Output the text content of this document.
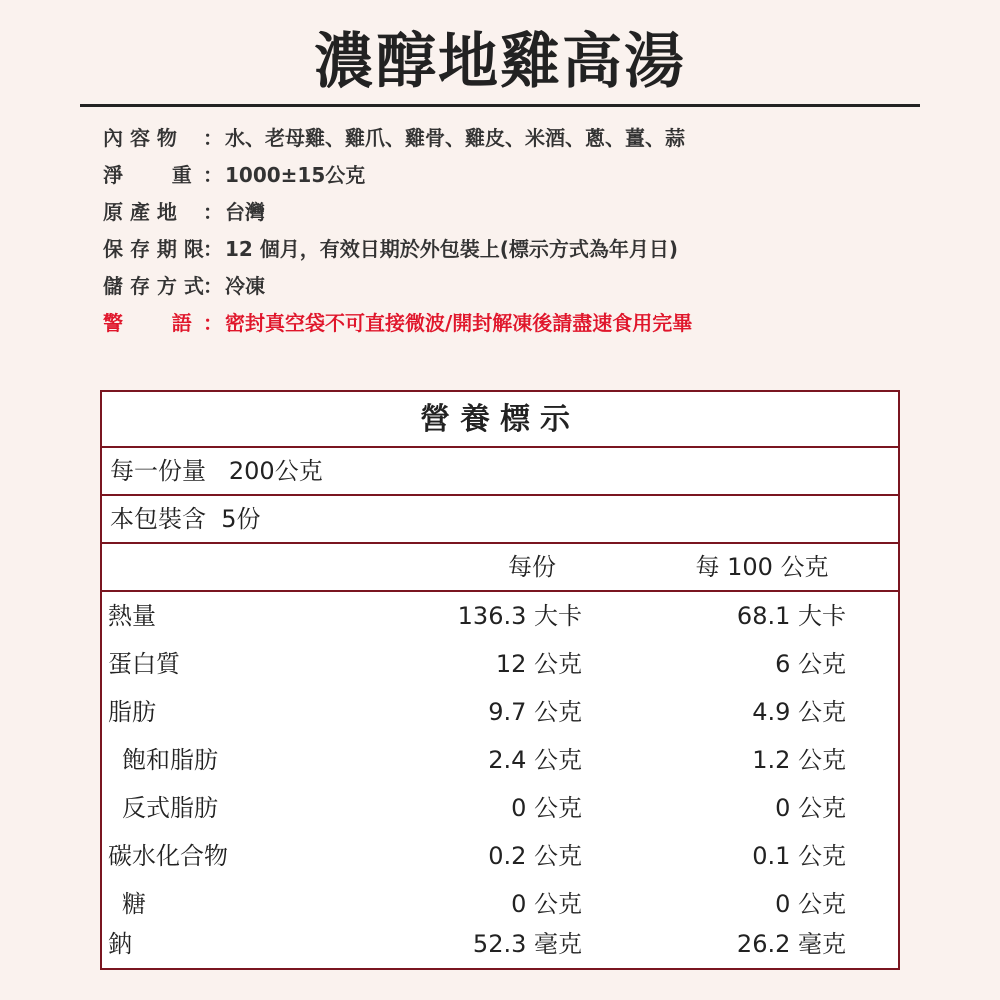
濃醇地雞高湯
內 容 物 ： 水、老母雞、雞爪、雞骨、雞皮、米酒、蔥、薑、蒜
淨       重 ： 1000±15公克
原 產 地 ： 台灣
保 存 期 限： 12 個月，有效日期於外包裝上(標示方式為年月日)
儲 存 方 式： 冷凍
警       語 ： 密封真空袋不可直接微波/開封解凍後請盡速食用完畢
營養標示
每一份量   200公克
本包裝含  5份
每份	每 100 公克
熱量	136.3 大卡	68.1 大卡
蛋白質	12 公克	6 公克
脂肪	9.7 公克	4.9 公克
飽和脂肪	2.4 公克	1.2 公克
反式脂肪	0 公克	0 公克
碳水化合物	0.2 公克	0.1 公克
糖	0 公克	0 公克
鈉	52.3 毫克	26.2 毫克
